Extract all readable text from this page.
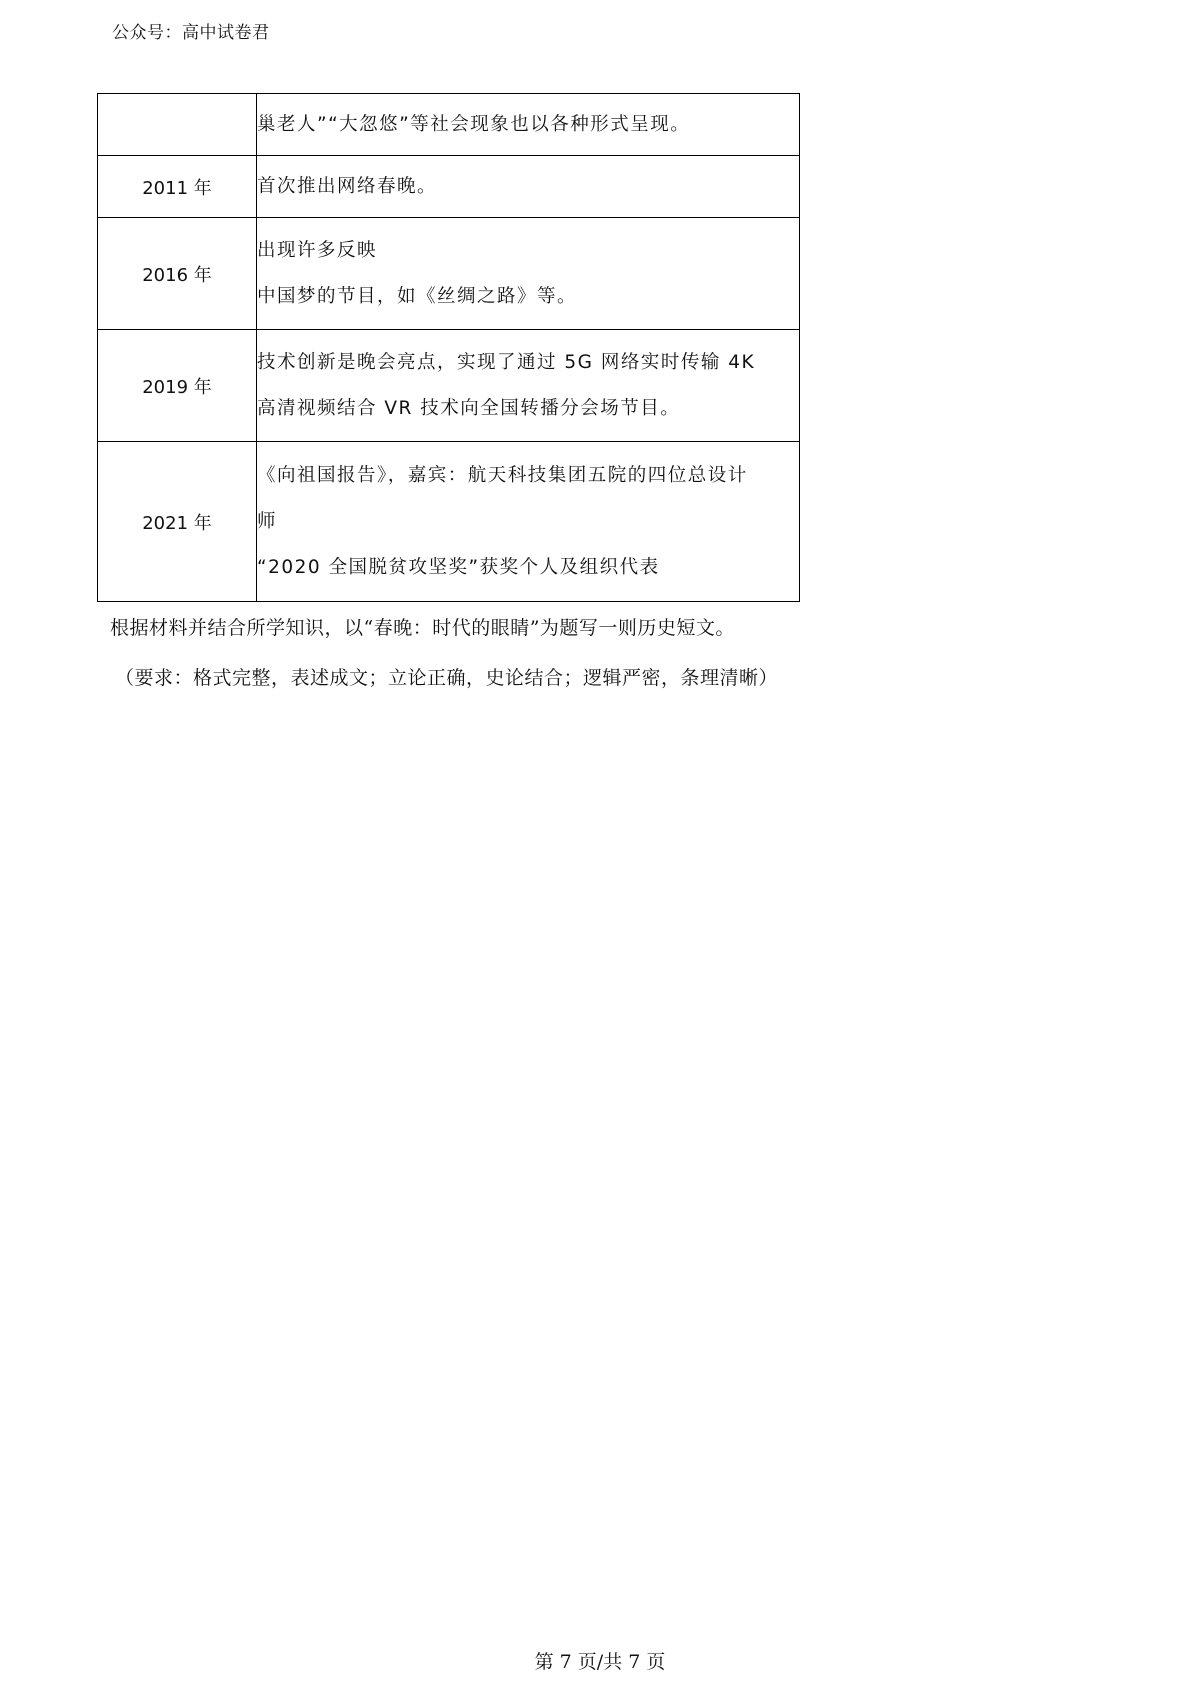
公众号：高中试卷君

	巢老人”“大忽悠”等社会现象也以各种形式呈现。

2011 年	首次推出网络春晚。

2016 年	出现许多反映
中国梦的节目，如《丝绸之路》等。

2019 年	技术创新是晚会亮点，实现了通过 5G 网络实时传输 4K
高清视频结合 VR 技术向全国转播分会场节目。

2021 年	《向祖国报告》，嘉宾：航天科技集团五院的四位总设计
师
“2020 全国脱贫攻坚奖”获奖个人及组织代表
根据材料并结合所学知识，以“春晚：时代的眼睛”为题写一则历史短文。
（要求：格式完整，表述成文；立论正确，史论结合；逻辑严密，条理清晰）
第 7 页/共 7 页
